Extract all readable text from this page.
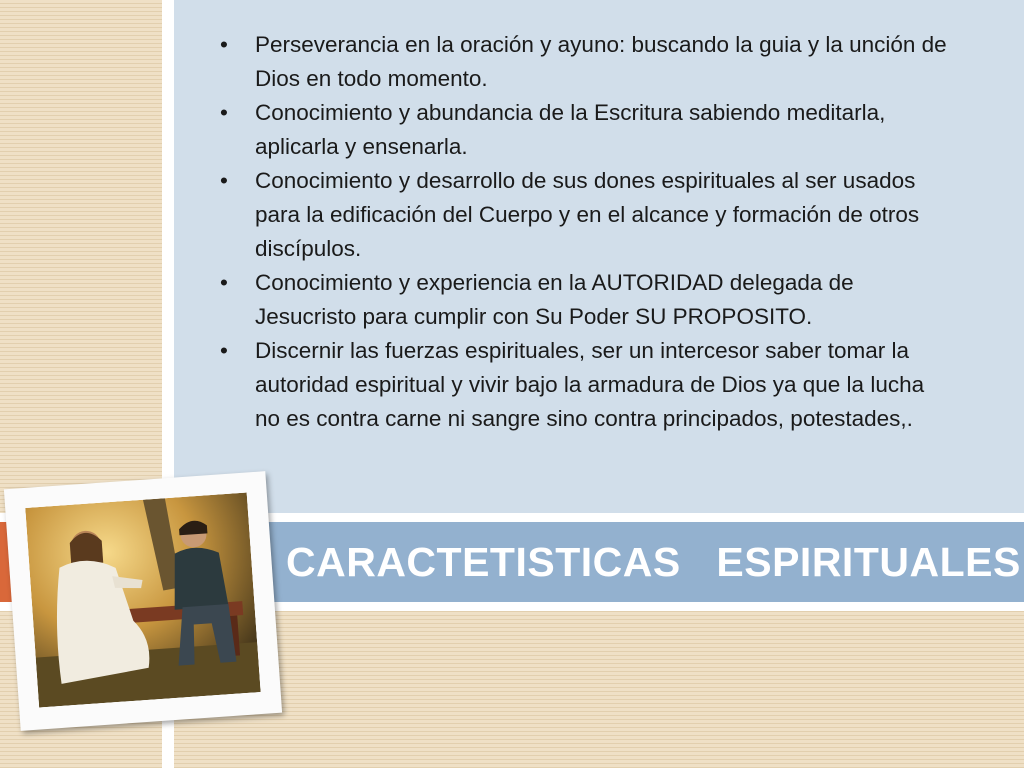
CARACTETISTICAS   ESPIRITUALES
• Perseverancia en la oración y ayuno: buscando la guia y la unción de Dios en todo momento.
• Conocimiento y abundancia de la Escritura sabiendo meditarla, aplicarla y ensenarla.
• Conocimiento y desarrollo de sus dones espirituales al ser usados para la edificación del Cuerpo y en el alcance y formación de otros discípulos.
• Conocimiento y experiencia en la AUTORIDAD delegada de Jesucristo para cumplir con Su Poder SU PROPOSITO.
• Discernir las fuerzas espirituales, ser un intercesor saber tomar la autoridad espiritual y vivir bajo la armadura de Dios ya que la lucha no es contra carne ni sangre sino contra principados, potestades,.
